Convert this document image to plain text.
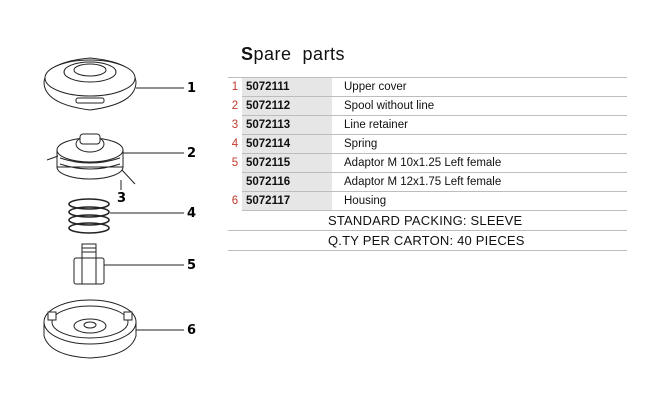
1
2
3
4
5
6
Spare  parts
1	5072111	Upper cover
2	5072112	Spool without line
3	5072113	Line retainer
4	5072114	Spring
5	5072115	Adaptor M 10x1.25 Left female
	5072116	Adaptor M 12x1.75 Left female
6	5072117	Housing
STANDARD PACKING: SLEEVE		
Q.TY PER CARTON: 40 PIECES		
